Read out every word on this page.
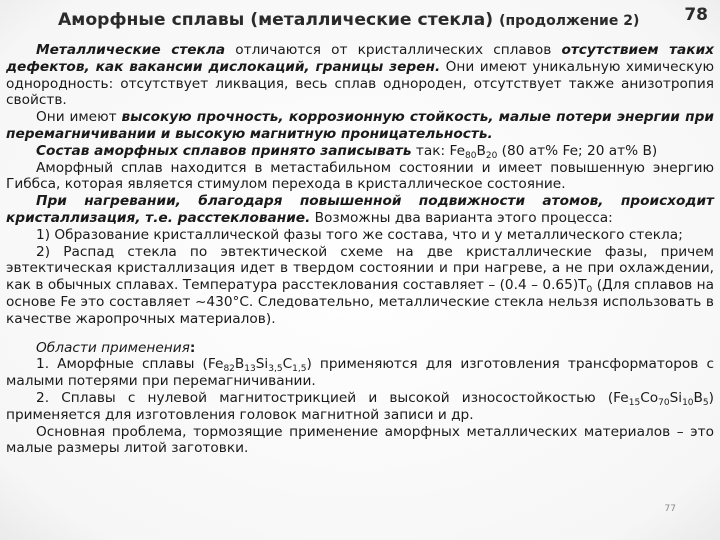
Аморфные сплавы (металлические стекла) (продолжение 2)	78

Металлические стекла отличаются от кристаллических сплавов отсутствием таких дефектов, как вакансии дислокаций, границы зерен. Они имеют уникальную химическую однородность: отсутствует ликвация, весь сплав однороден, отсутствует также анизотропия свойств.

Они имеют высокую прочность, коррозионную стойкость, малые потери энергии при перемагничивании и высокую магнитную проницательность.

Состав аморфных сплавов принято записывать так: $Fe_{80}B_{20}$ (80 ат% Fe; 20 ат% B)

Аморфный сплав находится в метастабильном состоянии и имеет повышенную энергию Гиббса, которая является стимулом перехода в кристаллическое состояние.

При нагревании, благодаря повышенной подвижности атомов, происходит кристаллизация, т.е. расстеклование. Возможны два варианта этого процесса:

1) Образование кристаллической фазы того же состава, что и у металлического стекла;

2) Распад стекла по эвтектической схеме на две кристаллические фазы, причем эвтектическая кристаллизация идет в твердом состоянии и при нагреве, а не при охлаждении, как в обычных сплавах. Температура расстеклования составляет – $(0.4 - 0.65)T_0$ (Для сплавов на основе Fe это составляет ~430°С. Следовательно, металлические стекла нельзя использовать в качестве жаропрочных материалов).

Области применения:

1. Аморфные сплавы $(Fe_{82}B_{13}Si_{3,5}C_{1,5})$ применяются для изготовления трансформаторов с малыми потерями при перемагничивании.

2. Сплавы с нулевой магнитострикцией и высокой износостойкостью $(Fe_{15}Co_{70}Si_{10}B_5)$ применяется для изготовления головок магнитной записи и др.

Основная проблема, тормозящие применение аморфных металлических материалов – это малые размеры литой заготовки.

77
